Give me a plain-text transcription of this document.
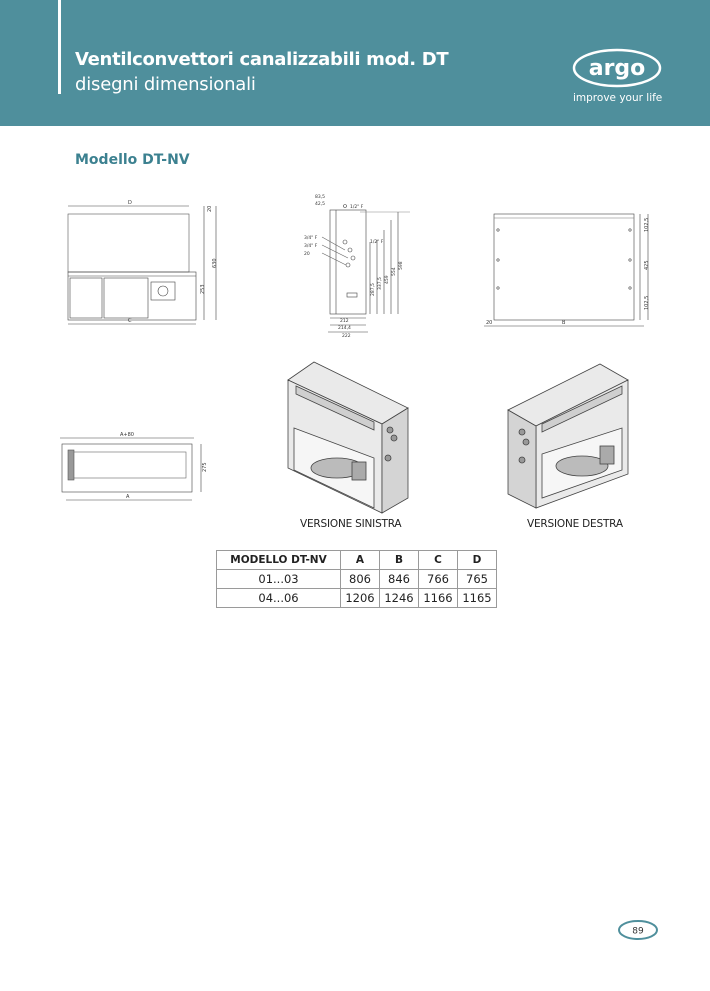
Ventilconvettori canalizzabili mod. DT
disegni dimensionali
argo
improve your life
Modello DT-NV
D
C
20
630
253
83,5
42,5
1/2" F
3/4" F
3/4" F
20
1/2" F
287,5 337,5 459
554
598
212
214,4
222
102,5
425
102,5
20	B
A+80
275
A
VERSIONE SINISTRA	VERSIONE DESTRA
MODELLO DT-NV	A	B	C	D
01...03	806	846	766	765
04...06	1206	1246	1166	1165
89
